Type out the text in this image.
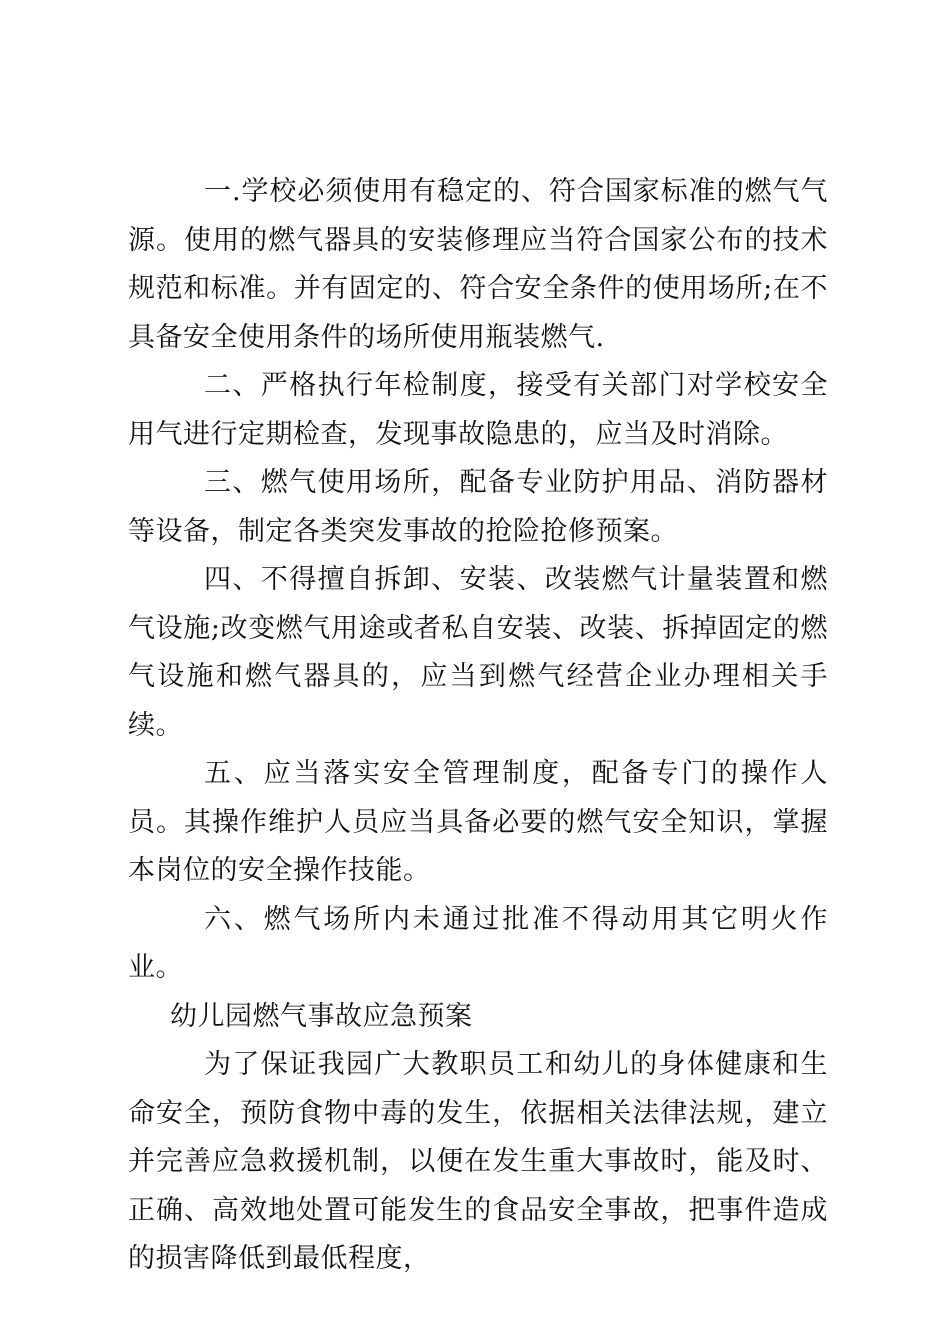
一.学校必须使用有稳定的、符合国家标准的燃气气源。使用的燃气器具的安装修理应当符合国家公布的技术规范和标准。并有固定的、符合安全条件的使用场所;在不具备安全使用条件的场所使用瓶装燃气.

二、严格执行年检制度，接受有关部门对学校安全用气进行定期检查，发现事故隐患的，应当及时消除。

三、燃气使用场所，配备专业防护用品、消防器材等设备，制定各类突发事故的抢险抢修预案。

四、不得擅自拆卸、安装、改装燃气计量装置和燃气设施;改变燃气用途或者私自安装、改装、拆掉固定的燃气设施和燃气器具的，应当到燃气经营企业办理相关手续。

五、应当落实安全管理制度，配备专门的操作人员。其操作维护人员应当具备必要的燃气安全知识，掌握本岗位的安全操作技能。

六、燃气场所内未通过批准不得动用其它明火作业。

幼儿园燃气事故应急预案

为了保证我园广大教职员工和幼儿的身体健康和生命安全，预防食物中毒的发生，依据相关法律法规，建立并完善应急救援机制，以便在发生重大事故时，能及时、正确、高效地处置可能发生的食品安全事故，把事件造成的损害降低到最低程度，
